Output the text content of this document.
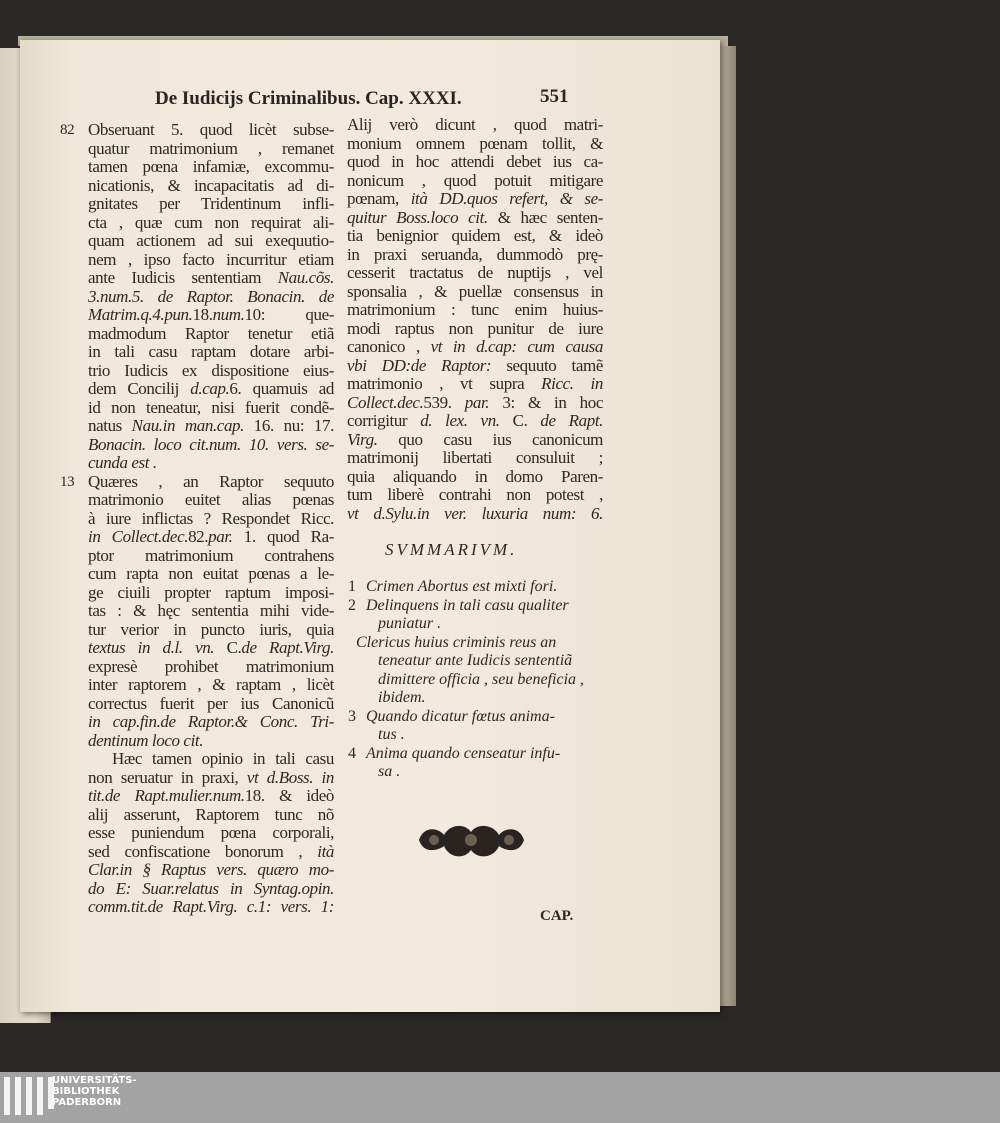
De Iudicijs Criminalibus. Cap. XXXI.	551
82 Obseruant 5. quod licèt subse-
quatur matrimonium , remanet
tamen pœna infamiæ, excommu-
nicationis, & incapacitatis ad di-
gnitates per Tridentinum infli-
cta , quæ cum non requirat ali-
quam actionem ad sui exequutio-
nem , ipso facto incurritur etiam
ante Iudicis sententiam Nau.cõs.
3.num.5. de Raptor. Bonacin. de
Matrim.q.4.pun.18.num.10: que-
madmodum Raptor tenetur etiã
in tali casu raptam dotare arbi-
trio Iudicis ex dispositione eius-
dem Concilij d.cap.6. quamuis ad
id non teneatur, nisi fuerit condẽ-
natus Nau.in man.cap. 16. nu: 17.
Bonacin. loco cit.num. 10. vers. se-
cunda est .
13 Quæres , an Raptor sequuto
matrimonio euitet alias pœnas
à iure inflictas ? Respondet Ricc.
in Collect.dec.82.par. 1. quod Ra-
ptor matrimonium contrahens
cum rapta non euitat pœnas a le-
ge ciuili propter raptum imposi-
tas : & hęc sententia mihi vide-
tur verior in puncto iuris, quia
textus in d.l. vn. C.de Rapt.Virg.
expresè prohibet matrimonium
inter raptorem , & raptam , licèt
correctus fuerit per ius Canonicũ
in cap.fin.de Raptor.& Conc. Tri-
dentinum loco cit.
Hæc tamen opinio in tali casu
non seruatur in praxi, vt d.Boss. in
tit.de Rapt.mulier.num.18. & ideò
alij asserunt, Raptorem tunc nõ
esse puniendum pœna corporali,
sed confiscatione bonorum , ità
Clar.in § Raptus vers. quæro mo-
do E: Suar.relatus in Syntag.opin.
comm.tit.de Rapt.Virg. c.1: vers. 1:
Alij verò dicunt , quod matri-
monium omnem pœnam tollit, &
quod in hoc attendi debet ius ca-
nonicum , quod potuit mitigare
pœnam, ità DD.quos refert, & se-
quitur Boss.loco cit. & hæc senten-
tia benignior quidem est, & ideò
in praxi seruanda, dummodò prę-
cesserit tractatus de nuptijs , vel
sponsalia , & puellæ consensus in
matrimonium : tunc enim huius-
modi raptus non punitur de iure
canonico , vt in d.cap: cum causa
vbi DD:de Raptor: sequuto tamẽ
matrimonio , vt supra Ricc. in
Collect.dec.539. par. 3: & in hoc
corrigitur d. lex. vn. C. de Rapt.
Virg. quo casu ius canonicum
matrimonij libertati consuluit ;
quia aliquando in domo Paren-
tum liberè contrahi non potest ,
vt d.Sylu.in ver. luxuria num: 6.
SVMMARIVM.
1 Crimen Abortus est mixti fori.
2 Delinquens in tali casu qualiter
puniatur .
Clericus huius criminis reus an
teneatur ante Iudicis sententiã
dimittere officia , seu beneficia ,
ibidem.
3 Quando dicatur fœtus anima-
tus .
4 Anima quando censeatur infu-
sa .
CAP.
UNIVERSITÄTS-
BIBLIOTHEK
PADERBORN
